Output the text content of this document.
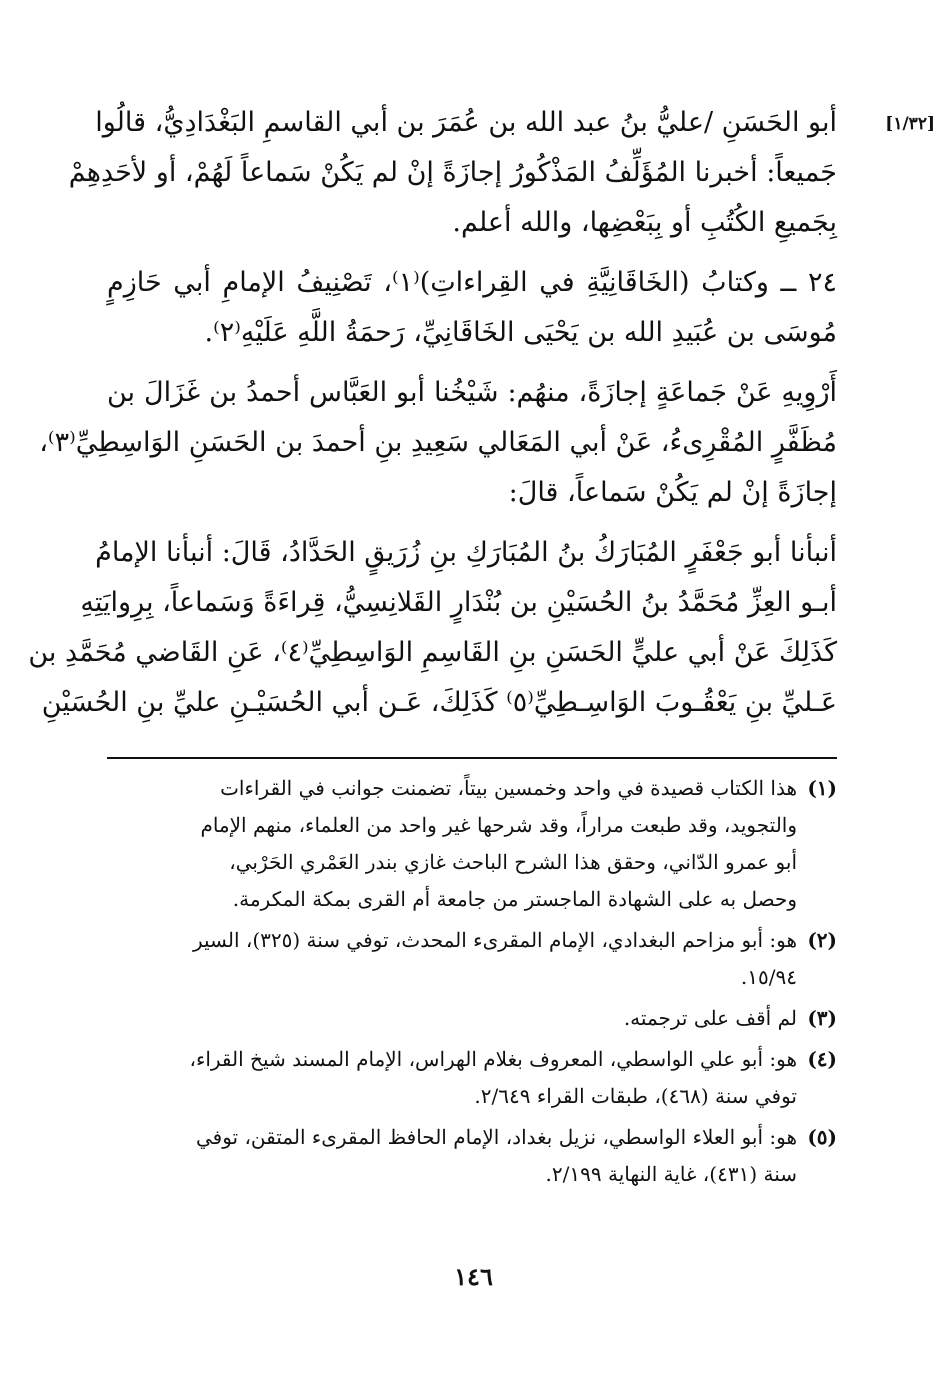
[١/٣٢]

أبو الحَسَنِ /عليُّ بنُ عبد الله بن عُمَرَ بن أبي القاسمِ البَغْدَادِيُّ، قالُوا
جَميعاً: أخبرنا المُؤَلِّفُ المَذْكُورُ إجازَةً إنْ لم يَكُنْ سَماعاً لَهُمْ، أو لأحَدِهِمْ
بِجَميعِ الكُتُبِ أو بِبَعْضِها، والله أعلم.

٢٤ ــ وكتابُ (الخَاقَانِيَّةِ في القِراءاتِ)⁽١⁾، تَصْنِيفُ الإمامِ أبي حَازِمٍ
مُوسَى بن عُبَيدِ الله بن يَحْيَى الخَاقَانِيِّ، رَحمَةُ اللَّهِ عَلَيْهِ⁽٢⁾.

أَرْوِيهِ عَنْ جَماعَةٍ إجازَةً، منهُم: شَيْخُنا أبو العَبَّاس أحمدُ بن غَزَالَ بن
مُظَفَّرٍ المُقْرِىءُ، عَنْ أبي المَعَالي سَعِيدِ بنِ أحمدَ بن الحَسَنِ الوَاسِطِيِّ⁽٣⁾،
إجازَةً إنْ لم يَكُنْ سَماعاً، قالَ:

أنبأنا أبو جَعْفَرٍ المُبَارَكُ بنُ المُبَارَكِ بنِ زُرَيقٍ الحَدَّادُ، قَالَ: أنبأنا الإمامُ
أبـو العِزِّ مُحَمَّدُ بنُ الحُسَيْنِ بن بُنْدَارٍ القَلانِسِيُّ، قِراءَةً وَسَماعاً، بِرِوايَتِهِ
كَذَلِكَ عَنْ أبي عليٍّ الحَسَنِ بنِ القَاسِمِ الوَاسِطِيِّ⁽٤⁾، عَنِ القَاضي مُحَمَّدِ بن
عَـليِّ بنِ يَعْقُـوبَ الوَاسِـطِيِّ⁽٥⁾ كَذَلِكَ، عَـن أبي الحُسَيْـنِ عليِّ بنِ الحُسَيْنِ

(١)
هذا الكتاب قصيدة في واحد وخمسين بيتاً، تضمنت جوانب في القراءات
والتجويد، وقد طبعت مراراً، وقد شرحها غير واحد من العلماء، منهم الإمام
أبو عمرو الدّاني، وحقق هذا الشرح الباحث غازي بندر العَمْري الحَرْبي،
وحصل به على الشهادة الماجستر من جامعة أم القرى بمكة المكرمة.
(٢)
هو: أبو مزاحم البغدادي، الإمام المقرىء المحدث، توفي سنة (٣٢٥)، السير
١٥/٩٤.
(٣)
لم أقف على ترجمته.
(٤)
هو: أبو علي الواسطي، المعروف بغلام الهراس، الإمام المسند شيخ القراء،
توفي سنة (٤٦٨)، طبقات القراء ٢/٦٤٩.
(٥)
هو: أبو العلاء الواسطي، نزيل بغداد، الإمام الحافظ المقرىء المتقن، توفي
سنة (٤٣١)، غاية النهاية ٢/١٩٩.
١٤٦
